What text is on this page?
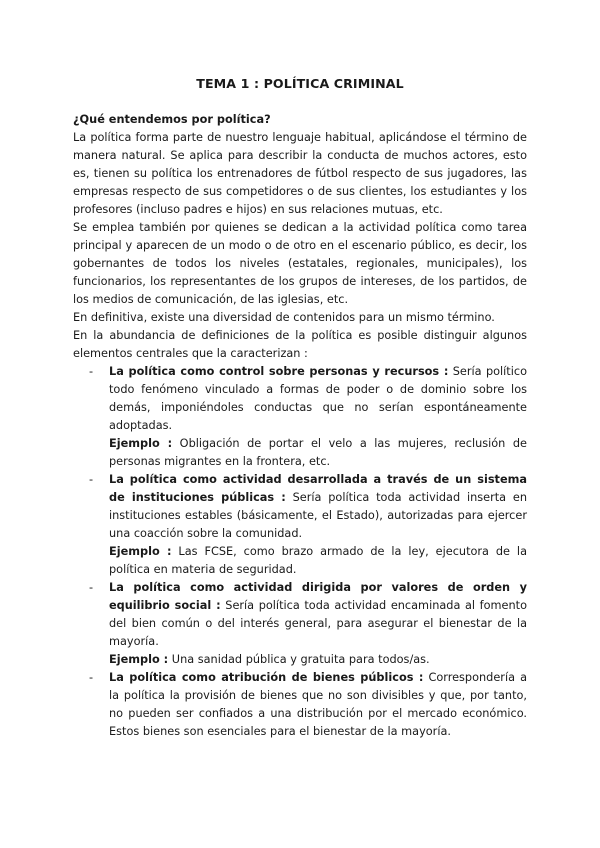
TEMA 1 : POLÍTICA CRIMINAL

¿Qué entendemos por política?

La política forma parte de nuestro lenguaje habitual, aplicándose el término de manera natural. Se aplica para describir la conducta de muchos actores, esto es, tienen su política los entrenadores de fútbol respecto de sus jugadores, las empresas respecto de sus competidores o de sus clientes, los estudiantes y los profesores (incluso padres e hijos) en sus relaciones mutuas, etc.

Se emplea también por quienes se dedican a la actividad política como tarea principal y aparecen de un modo o de otro en el escenario público, es decir, los gobernantes de todos los niveles (estatales, regionales, municipales), los funcionarios, los representantes de los grupos de intereses, de los partidos, de los medios de comunicación, de las iglesias, etc.

En definitiva, existe una diversidad de contenidos para un mismo término.

En la abundancia de definiciones de la política es posible distinguir algunos elementos centrales que la caracterizan :

- La política como control sobre personas y recursos : Sería político todo fenómeno vinculado a formas de poder o de dominio sobre los demás, imponiéndoles conductas que no serían espontáneamente adoptadas.

Ejemplo : Obligación de portar el velo a las mujeres, reclusión de personas migrantes en la frontera, etc.

- La política como actividad desarrollada a través de un sistema de instituciones públicas : Sería política toda actividad inserta en instituciones estables (básicamente, el Estado), autorizadas para ejercer una coacción sobre la comunidad.

Ejemplo : Las FCSE, como brazo armado de la ley, ejecutora de la política en materia de seguridad.

- La política como actividad dirigida por valores de orden y equilibrio social : Sería política toda actividad encaminada al fomento del bien común o del interés general, para asegurar el bienestar de la mayoría.

Ejemplo : Una sanidad pública y gratuita para todos/as.

- La política como atribución de bienes públicos : Correspondería a la política la provisión de bienes que no son divisibles y que, por tanto, no pueden ser confiados a una distribución por el mercado económico. Estos bienes son esenciales para el bienestar de la mayoría.
